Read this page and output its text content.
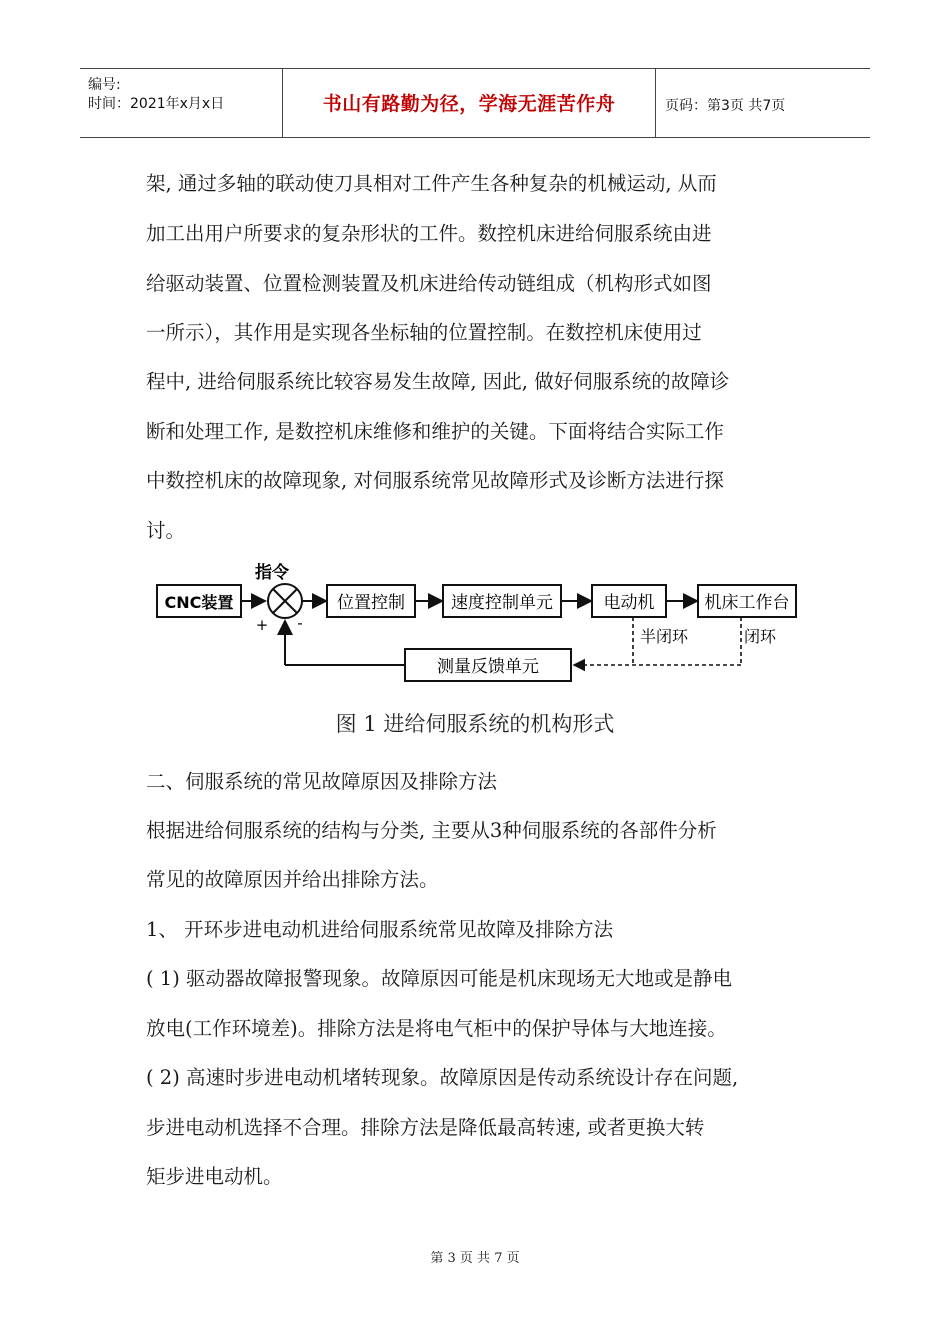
编号:
时间：2021年x月x日	书山有路勤为径，学海无涯苦作舟	页码：第3页 共7页
架, 通过多轴的联动使刀具相对工件产生各种复杂的机械运动, 从而
加工出用户所要求的复杂形状的工件。数控机床进给伺服系统由进
给驱动装置、位置检测装置及机床进给传动链组成（机构形式如图
一所示），其作用是实现各坐标轴的位置控制。在数控机床使用过
程中, 进给伺服系统比较容易发生故障, 因此, 做好伺服系统的故障诊
断和处理工作, 是数控机床维修和维护的关键。下面将结合实际工作
中数控机床的故障现象, 对伺服系统常见故障形式及诊断方法进行探
讨。
CNC装置
指令
+ -
位置控制	速度控制单元	电动机	机床工作台
半闭环	闭环
测量反馈单元
图 1 进给伺服系统的机构形式
二、伺服系统的常见故障原因及排除方法
根据进给伺服系统的结构与分类, 主要从3种伺服系统的各部件分析
常见的故障原因并给出排除方法。
1、 开环步进电动机进给伺服系统常见故障及排除方法
( 1) 驱动器故障报警现象。故障原因可能是机床现场无大地或是静电
放电(工作环境差)。排除方法是将电气柜中的保护导体与大地连接。
( 2) 高速时步进电动机堵转现象。故障原因是传动系统设计存在问题,
步进电动机选择不合理。排除方法是降低最高转速, 或者更换大转
矩步进电动机。
第 3 页 共 7 页
